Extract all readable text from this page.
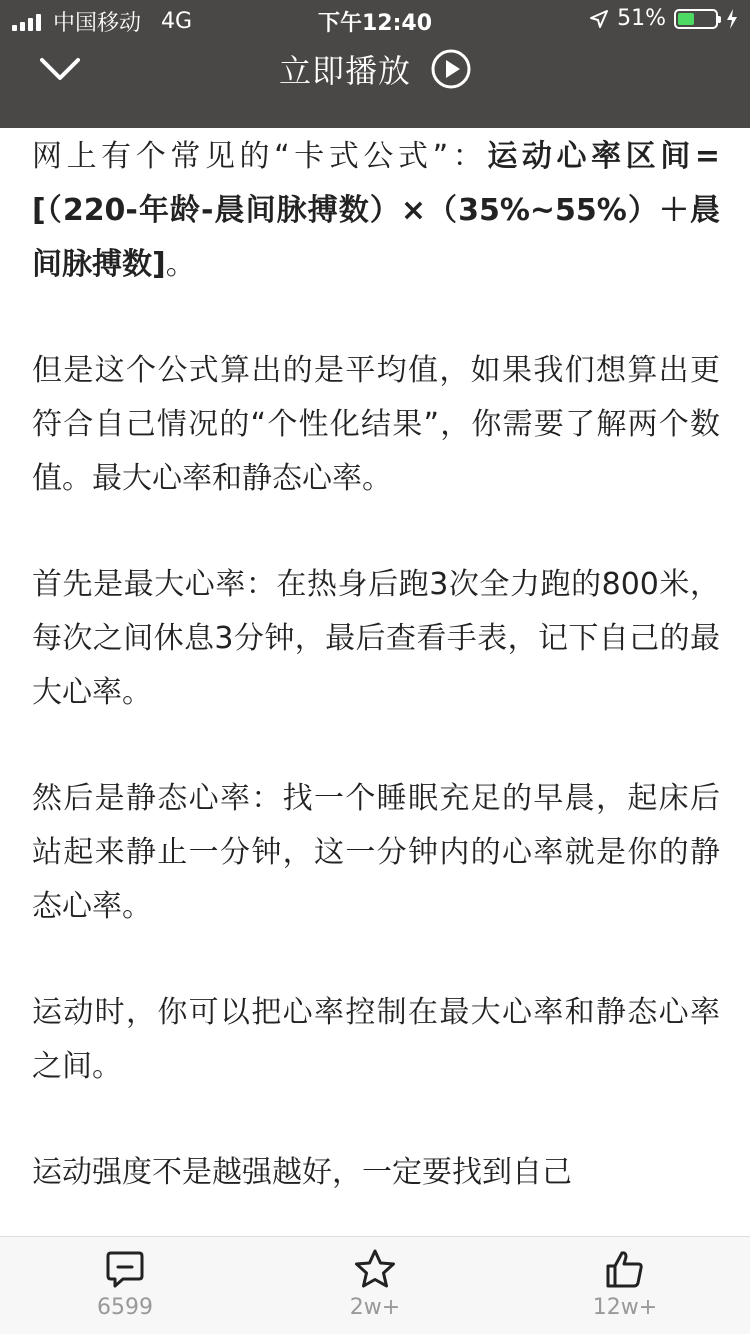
中国移动 4G	下午12:40	51%
立即播放

网上有个常见的“卡式公式”：运动心率区间=[（220-年龄-晨间脉搏数）×（35%~55%）＋晨间脉搏数]。

但是这个公式算出的是平均值，如果我们想算出更符合自己情况的“个性化结果”，你需要了解两个数值。最大心率和静态心率。

首先是最大心率：在热身后跑3次全力跑的800米，每次之间休息3分钟，最后查看手表，记下自己的最大心率。

然后是静态心率：找一个睡眠充足的早晨，起床后站起来静止一分钟，这一分钟内的心率就是你的静态心率。

运动时，你可以把心率控制在最大心率和静态心率之间。

运动强度不是越强越好，一定要找到自己

6599	2w+	12w+
